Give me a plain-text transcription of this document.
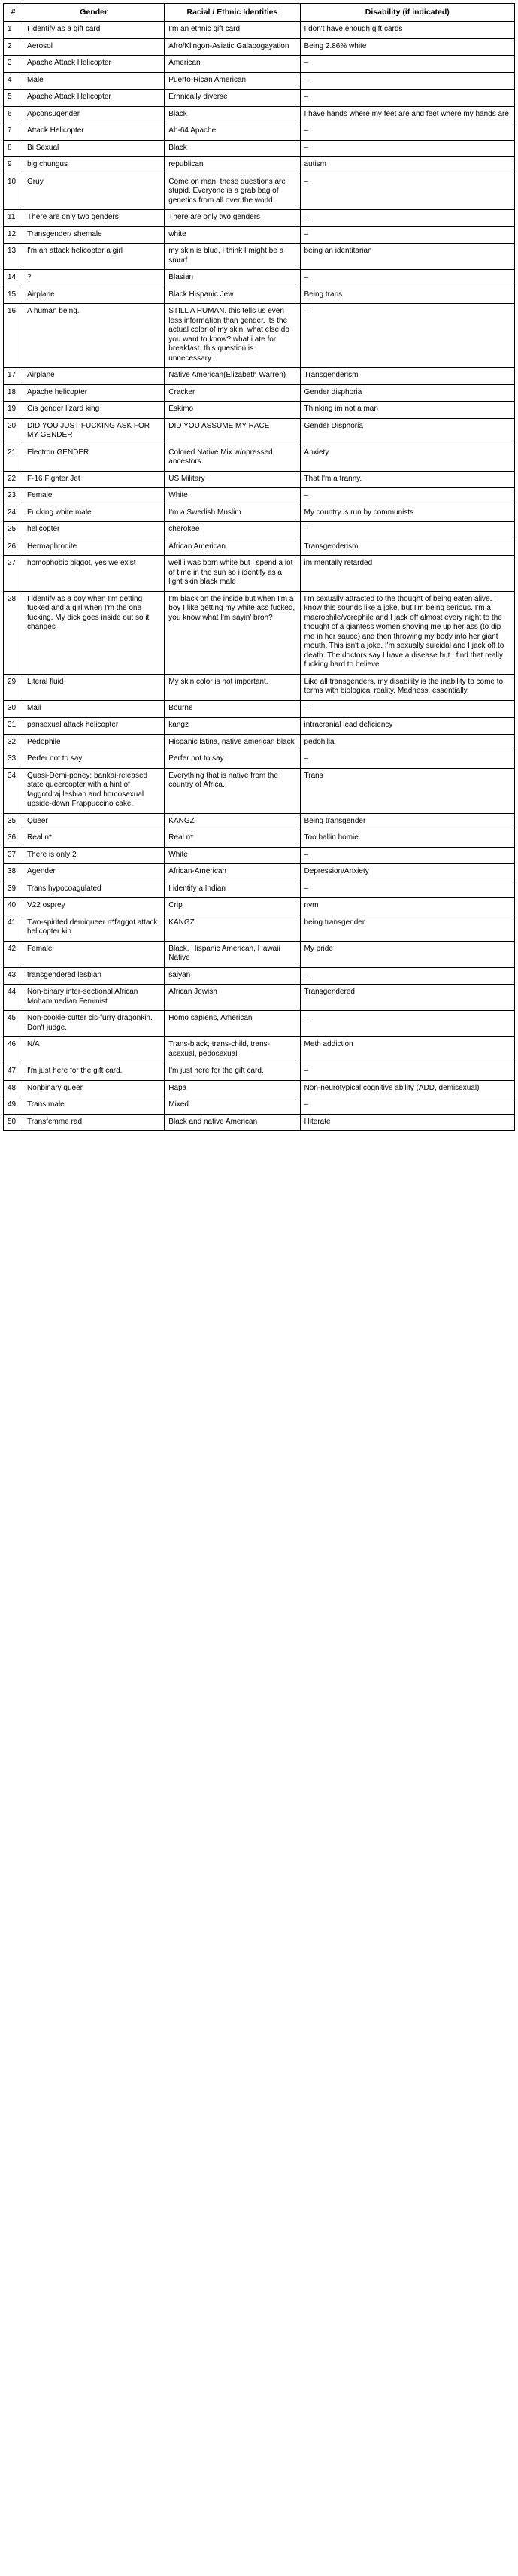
#	Gender	Racial / Ethnic Identities	Disability (if indicated)
1	I identify as a gift card	I'm an ethnic gift card	I don't have enough gift cards
2	Aerosol	Afro/Klingon-Asiatic Galapogayation	Being 2.86% white
3	Apache Attack Helicopter	American	–
4	Male	Puerto-Rican American	–
5	Apache Attack Helicopter	Erhnically diverse	–
6	Apconsugender	Black	I have hands where my feet are and feet where my hands are
7	Attack Helicopter	Ah-64 Apache	–
8	Bi Sexual	Black	–
9	big chungus	republican	autism
10	Gruy	Come on man, these questions are stupid. Everyone is a grab bag of genetics from all over the world	–
11	There are only two genders	There are only two genders	–
12	Transgender/ shemale	white	–
13	I'm an attack helicopter a girl	my skin is blue, I think I might be a smurf	being an identitarian
14	?	Blasian	–
15	Airplane	Black Hispanic Jew	Being trans
16	A human being.	STILL A HUMAN. this tells us even less information than gender. its the actual color of my skin. what else do you want to know? what i ate for breakfast. this question is unnecessary.	–
17	Airplane	Native American(Elizabeth Warren)	Transgenderism
18	Apache helicopter	Cracker	Gender disphoria
19	Cis gender lizard king	Eskimo	Thinking im not a man
20	DID YOU JUST FUCKING ASK FOR MY GENDER	DID YOU ASSUME MY RACE	Gender Disphoria
21	Electron GENDER	Colored Native Mix w/opressed ancestors.	Anxiety
22	F-16 Fighter Jet	US Military	That I'm a tranny.
23	Female	White	–
24	Fucking white male	I'm a Swedish Muslim	My country is run by communists
25	helicopter	cherokee	–
26	Hermaphrodite	African American	Transgenderism
27	homophobic biggot, yes we exist	well i was born white but i spend a lot of time in the sun so i identify as a light skin black male	im mentally retarded
28	I identify as a boy when I'm getting fucked and a girl when I'm the one fucking. My dick goes inside out so it changes	I'm black on the inside but when I'm a boy I like getting my white ass fucked, you know what I'm sayin' broh?	I'm sexually attracted to the thought of being eaten alive. I know this sounds like a joke, but I'm being serious. I'm a macrophile/vorephile and I jack off almost every night to the thought of a giantess women shoving me up her ass (to dip me in her sauce) and then throwing my body into her giant mouth. This isn't a joke. I'm sexually suicidal and I jack off to death. The doctors say I have a disease but I find that really fucking hard to believe
29	Literal fluid	My skin color is not important.	Like all transgenders, my disability is the inability to come to terms with biological reality. Madness, essentially.
30	Mail	Bourne	–
31	pansexual attack helicopter	kangz	intracranial lead deficiency
32	Pedophile	Hispanic latina, native american black	pedohilia
33	Perfer not to say	Perfer not to say	–
34	Quasi-Demi-poney; bankai-released state queercopter with a hint of faggotdraj lesbian and homosexual upside-down Frappuccino cake.	Everything that is native from the country of Africa.	Trans
35	Queer	KANGZ	Being transgender
36	Real n*	Real n*	Too ballin homie
37	There is only 2	White	–
38	Agender	African-American	Depression/Anxiety
39	Trans hypocoagulated	I identify a Indian	–
40	V22 osprey	Crip	nvm
41	Two-spirited demiqueer n*faggot attack helicopter kin	KANGZ	being transgender
42	Female	Black, Hispanic American, Hawaii Native	My pride
43	transgendered lesbian	saiyan	–
44	Non-binary inter-sectional African Mohammedian Feminist	African Jewish	Transgendered
45	Non-cookie-cutter cis-furry dragonkin. Don't judge.	Homo sapiens, American	–
46	N/A	Trans-black, trans-child, trans-asexual, pedosexual	Meth addiction
47	I'm just here for the gift card.	I'm just here for the gift card.	–
48	Nonbinary queer	Hapa	Non-neurotypical cognitive ability (ADD, demisexual)
49	Trans male	Mixed	–
50	Transfemme rad	Black and native American	Illiterate
